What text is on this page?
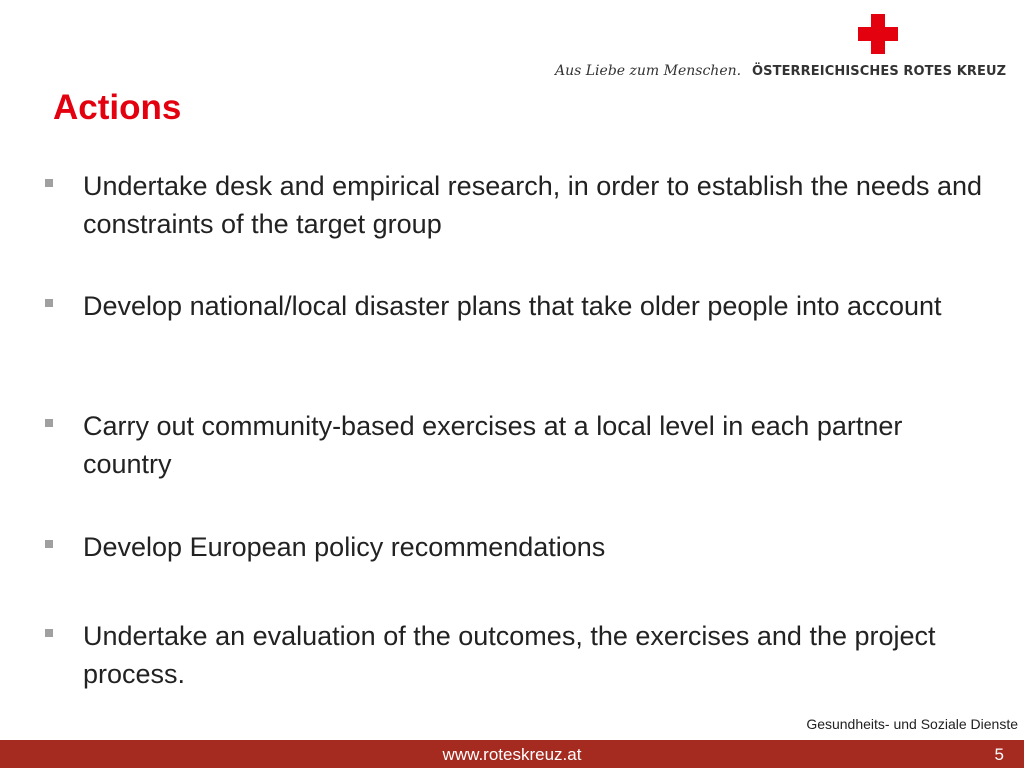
Aus Liebe zum Menschen. ÖSTERREICHISCHES ROTES KREUZ
Actions
Undertake desk and empirical research, in order to establish the needs and constraints of the target group
Develop national/local disaster plans that take older people into account
Carry out community-based exercises at a local level in each partner country
Develop European policy recommendations
Undertake an evaluation of the outcomes, the exercises and the project process.
Gesundheits- und Soziale Dienste
www.roteskreuz.at	5
